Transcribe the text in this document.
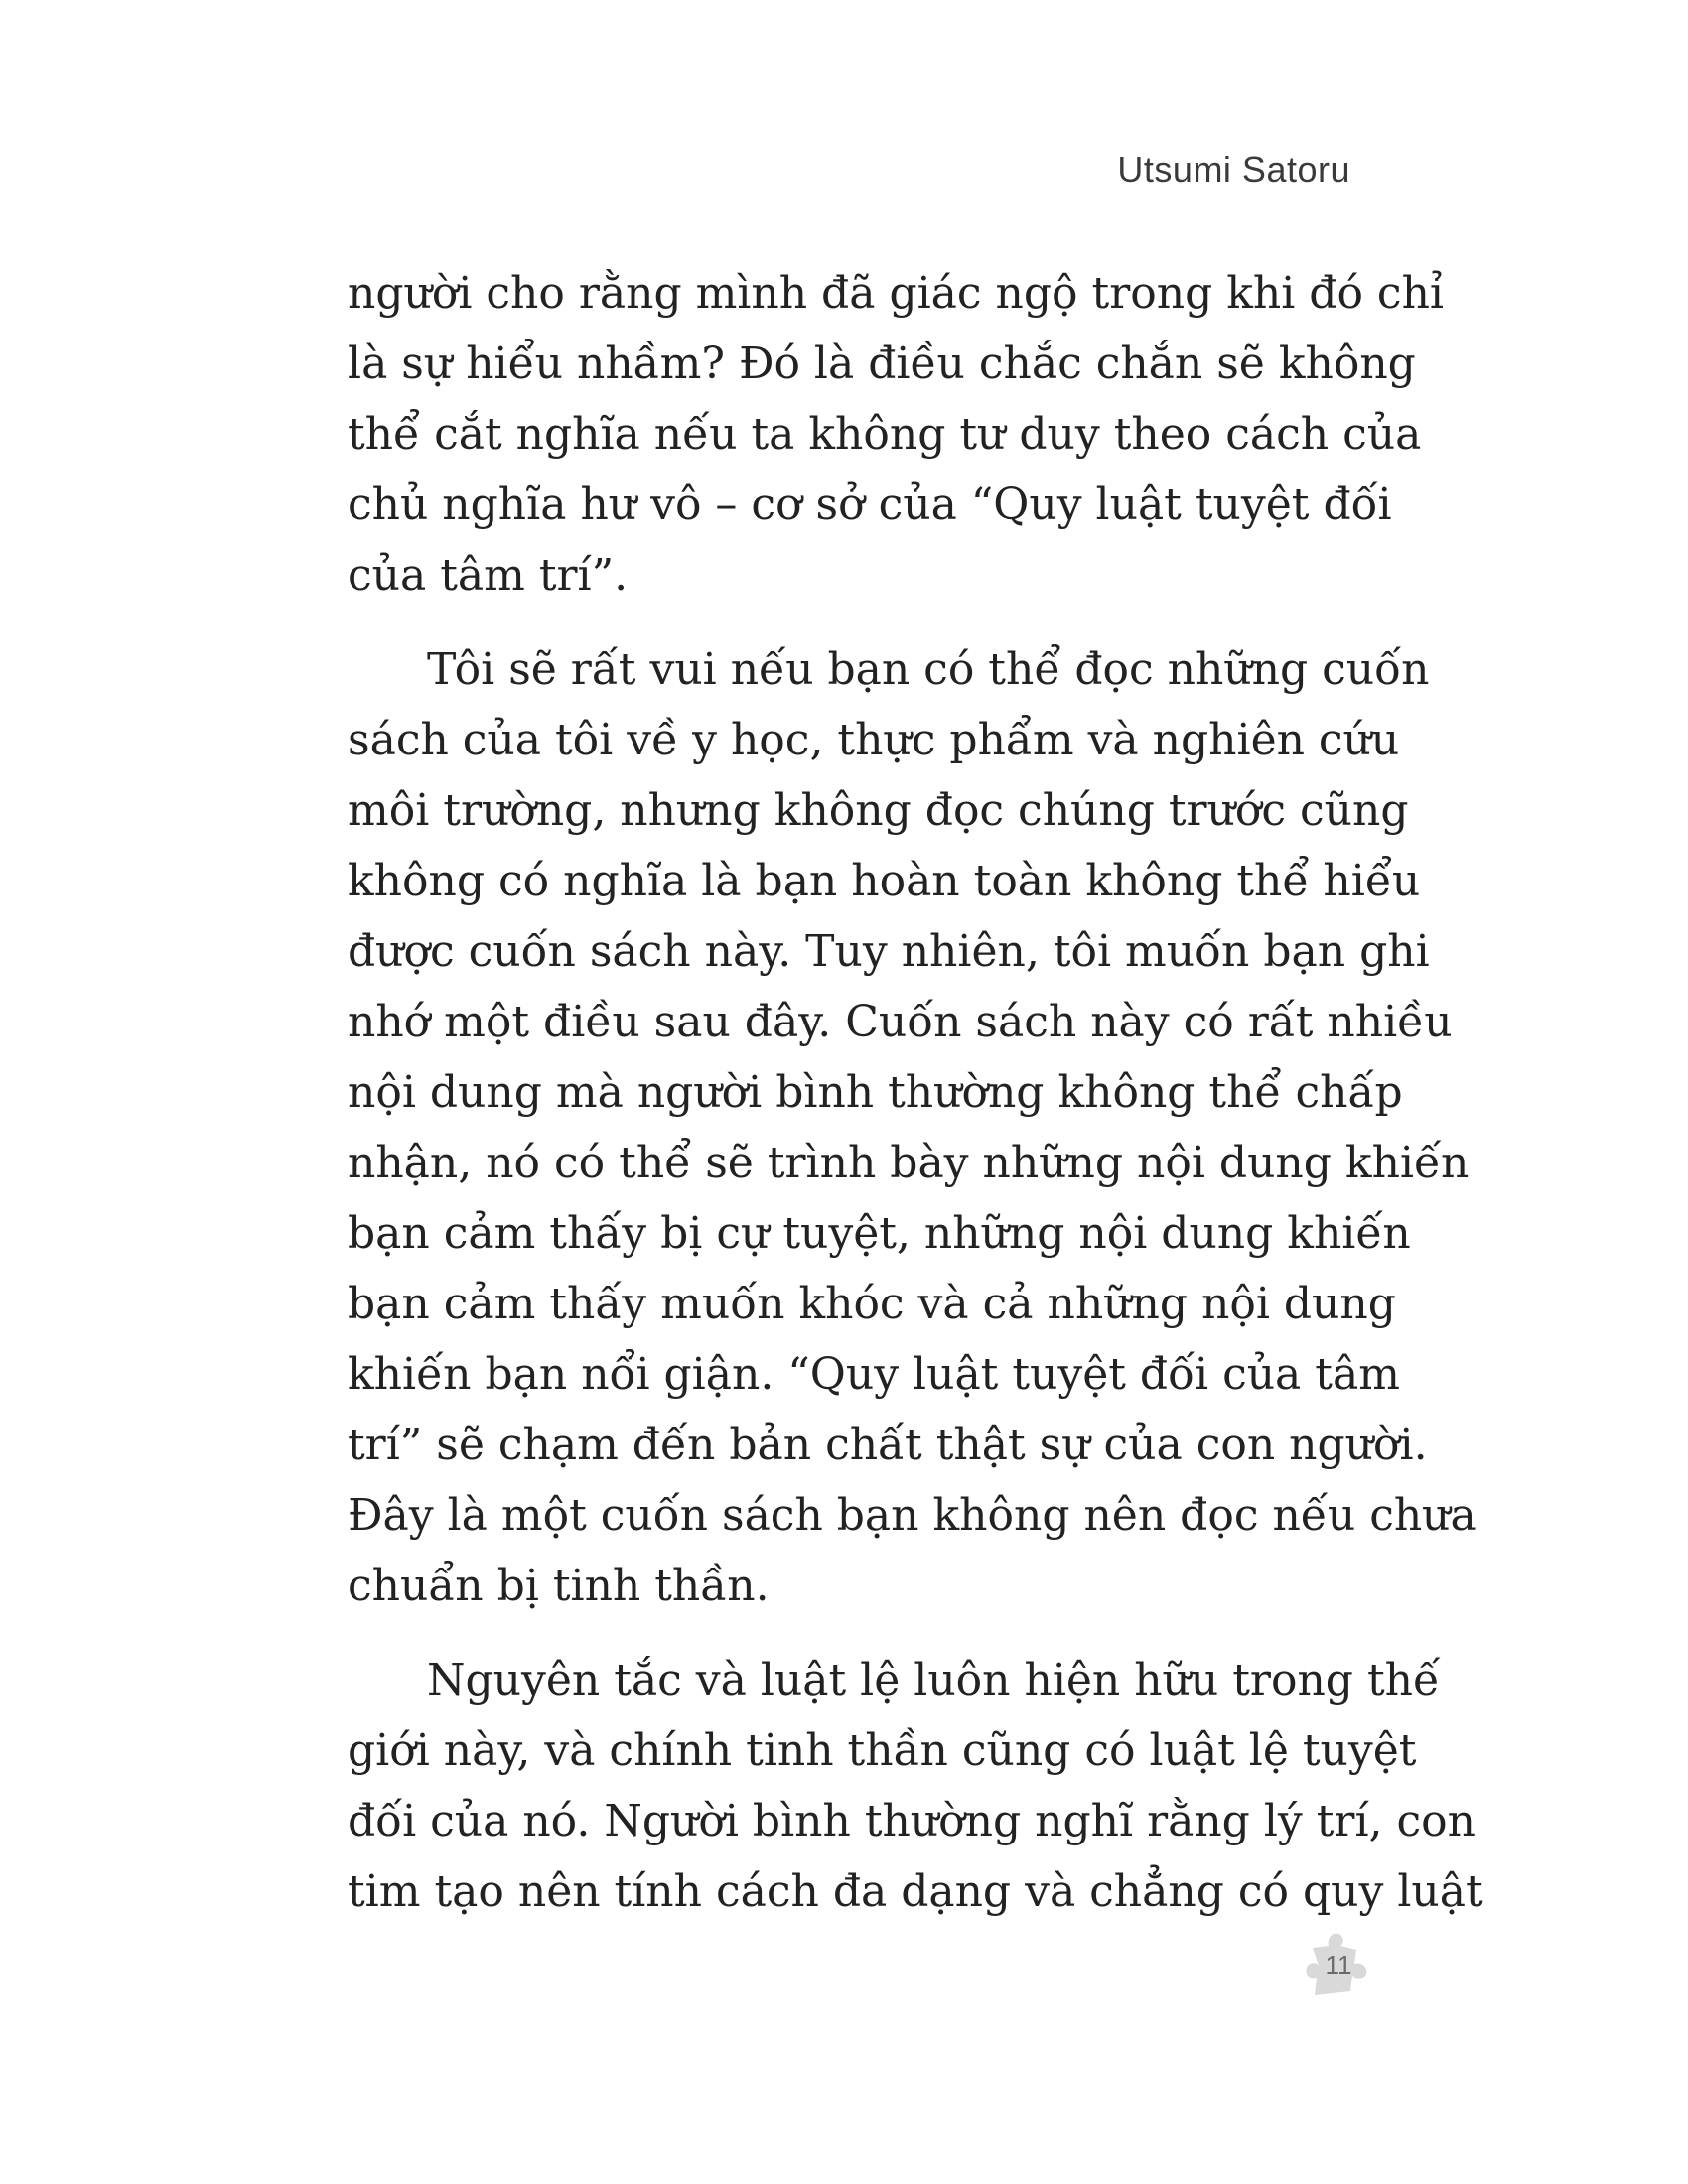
Utsumi Satoru

người cho rằng mình đã giác ngộ trong khi đó chỉ
là sự hiểu nhầm? Đó là điều chắc chắn sẽ không
thể cắt nghĩa nếu ta không tư duy theo cách của
chủ nghĩa hư vô – cơ sở của “Quy luật tuyệt đối
của tâm trí”.

Tôi sẽ rất vui nếu bạn có thể đọc những cuốn
sách của tôi về y học, thực phẩm và nghiên cứu
môi trường, nhưng không đọc chúng trước cũng
không có nghĩa là bạn hoàn toàn không thể hiểu
được cuốn sách này. Tuy nhiên, tôi muốn bạn ghi
nhớ một điều sau đây. Cuốn sách này có rất nhiều
nội dung mà người bình thường không thể chấp
nhận, nó có thể sẽ trình bày những nội dung khiến
bạn cảm thấy bị cự tuyệt, những nội dung khiến
bạn cảm thấy muốn khóc và cả những nội dung
khiến bạn nổi giận. “Quy luật tuyệt đối của tâm
trí” sẽ chạm đến bản chất thật sự của con người.
Đây là một cuốn sách bạn không nên đọc nếu chưa
chuẩn bị tinh thần.

Nguyên tắc và luật lệ luôn hiện hữu trong thế
giới này, và chính tinh thần cũng có luật lệ tuyệt
đối của nó. Người bình thường nghĩ rằng lý trí, con
tim tạo nên tính cách đa dạng và chẳng có quy luật

11
